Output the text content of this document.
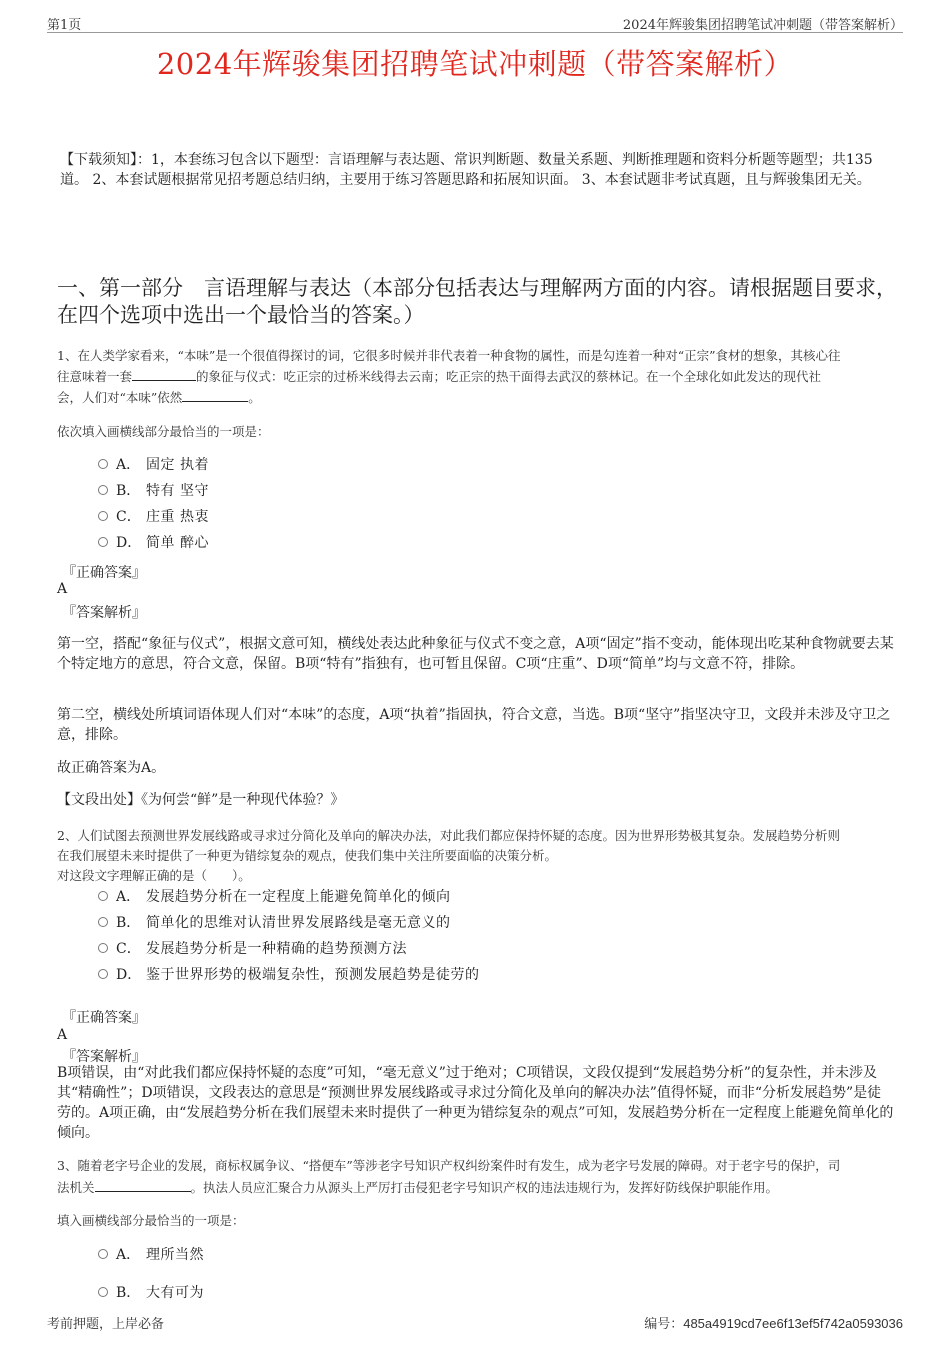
第1页	2024年辉骏集团招聘笔试冲刺题（带答案解析）
2024年辉骏集团招聘笔试冲刺题（带答案解析）
【下载须知】：1，本套练习包含以下题型：言语理解与表达题、常识判断题、数量关系题、判断推理题和资料分析题等题型；共135道。 2、本套试题根据常见招考题总结归纳，主要用于练习答题思路和拓展知识面。 3、本套试题非考试真题，且与辉骏集团无关。
一、第一部分　言语理解与表达（本部分包括表达与理解两方面的内容。请根据题目要求，在四个选项中选出一个最恰当的答案。）
1、在人类学家看来，“本味”是一个很值得探讨的词，它很多时候并非代表着一种食物的属性，而是勾连着一种对“正宗”食材的想象，其核心往
往意味着一套	的象征与仪式：吃正宗的过桥米线得去云南；吃正宗的热干面得去武汉的蔡林记。在一个全球化如此发达的现代社
会，人们对“本味”依然	。
依次填入画横线部分最恰当的一项是：
A． 固定 执着
B． 特有 坚守
C． 庄重 热衷
D． 简单 醉心
『正确答案』
A
『答案解析』
第一空，搭配“象征与仪式”，根据文意可知，横线处表达此种象征与仪式不变之意，A项“固定”指不变动，能体现出吃某种食物就要去某个特定地方的意思，符合文意，保留。B项“特有”指独有，也可暂且保留。C项“庄重”、D项“简单”均与文意不符，排除。
第二空，横线处所填词语体现人们对“本味”的态度，A项“执着”指固执，符合文意，当选。B项“坚守”指坚决守卫，文段并未涉及守卫之意，排除。
故正确答案为A。
【文段出处】《为何尝“鲜”是一种现代体验？》
2、人们试图去预测世界发展线路或寻求过分简化及单向的解决办法，对此我们都应保持怀疑的态度。因为世界形势极其复杂。发展趋势分析则
在我们展望未来时提供了一种更为错综复杂的观点，使我们集中关注所要面临的决策分析。
对这段文字理解正确的是（　　）。
A． 发展趋势分析在一定程度上能避免简单化的倾向
B． 简单化的思维对认清世界发展路线是毫无意义的
C． 发展趋势分析是一种精确的趋势预测方法
D． 鉴于世界形势的极端复杂性，预测发展趋势是徒劳的
『正确答案』
A
『答案解析』
B项错误，由“对此我们都应保持怀疑的态度”可知，“毫无意义”过于绝对；C项错误，文段仅提到“发展趋势分析”的复杂性，并未涉及其“精确性”；D项错误，文段表达的意思是“预测世界发展线路或寻求过分简化及单向的解决办法”值得怀疑，而非“分析发展趋势”是徒劳的。A项正确，由“发展趋势分析在我们展望未来时提供了一种更为错综复杂的观点”可知，发展趋势分析在一定程度上能避免简单化的倾向。
3、随着老字号企业的发展，商标权属争议、“搭便车”等涉老字号知识产权纠纷案件时有发生，成为老字号发展的障碍。对于老字号的保护，司
法机关	。执法人员应汇聚合力从源头上严厉打击侵犯老字号知识产权的违法违规行为，发挥好防线保护职能作用。
填入画横线部分最恰当的一项是：
A． 理所当然
B． 大有可为
考前押题，上岸必备	编号：485a4919cd7ee6f13ef5f742a0593036
